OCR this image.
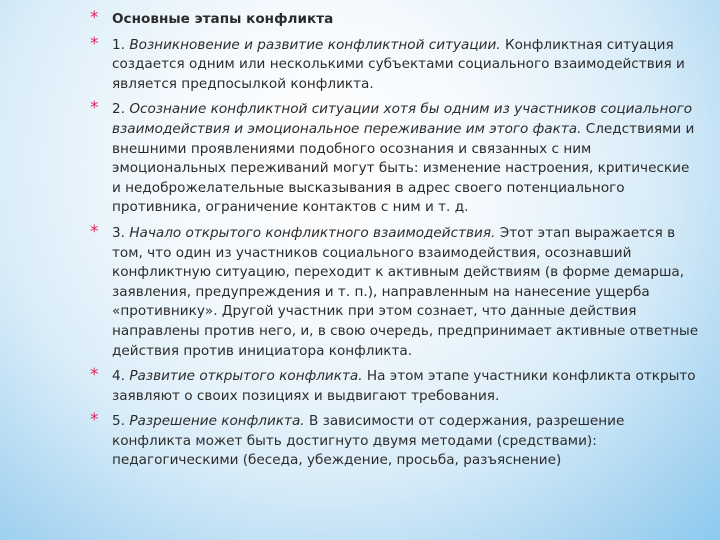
* Основные этапы конфликта
* 1. Возникновение и развитие конфликтной ситуации. Конфликтная ситуация создается одним или несколькими субъектами социального взаимодействия и является предпосылкой конфликта.
* 2. Осознание конфликтной ситуации хотя бы одним из участников социального взаимодействия и эмоциональное переживание им этого факта. Следствиями и внешними проявлениями подобного осознания и связанных с ним эмоциональных переживаний могут быть: изменение настроения, критические и недоброжелательные высказывания в адрес своего потенциального противника, ограничение контактов с ним и т. д.
* 3. Начало открытого конфликтного взаимодействия. Этот этап выражается в том, что один из участников социального взаимодействия, осознавший конфликтную ситуацию, переходит к активным действиям (в форме демарша, заявления, предупреждения и т. п.), направленным на нанесение ущерба «противнику». Другой участник при этом сознает, что данные действия направлены против него, и, в свою очередь, предпринимает активные ответные действия против инициатора конфликта.
* 4. Развитие открытого конфликта. На этом этапе участники конфликта открыто заявляют о своих позициях и выдвигают требования.
* 5. Разрешение конфликта. В зависимости от содержания, разрешение конфликта может быть достигнуто двумя методами (средствами): педагогическими (беседа, убеждение, просьба, разъяснение)
